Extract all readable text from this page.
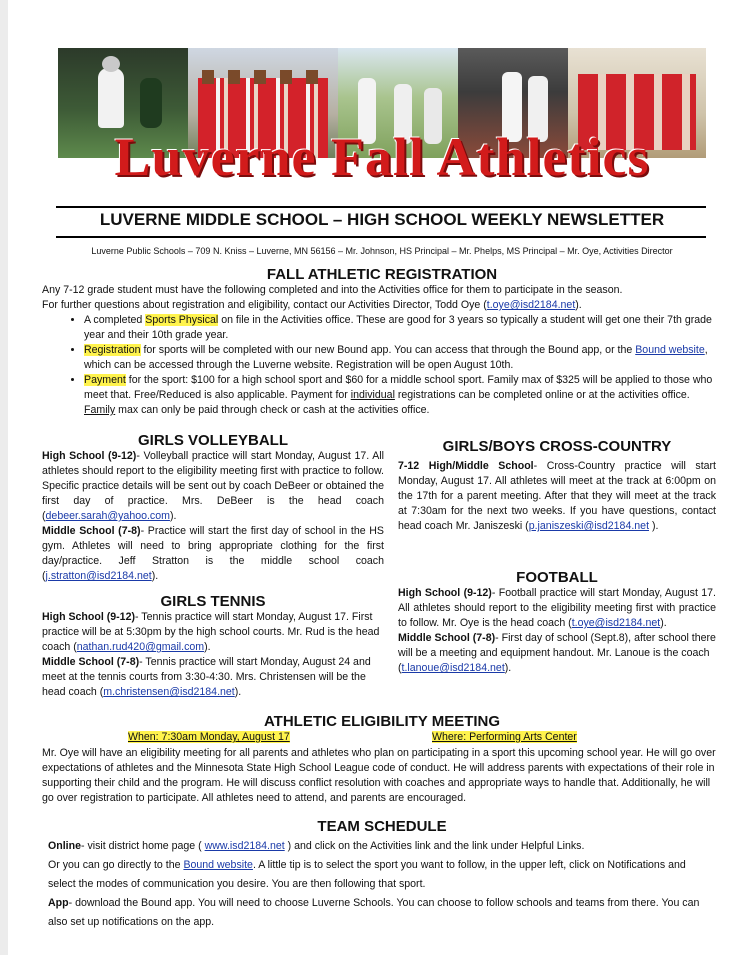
Luverne Fall Athletics
LUVERNE MIDDLE SCHOOL – HIGH SCHOOL WEEKLY NEWSLETTER
Luverne Public Schools – 709 N. Kniss – Luverne, MN 56156 – Mr. Johnson, HS Principal – Mr. Phelps, MS Principal – Mr. Oye, Activities Director
FALL ATHLETIC REGISTRATION
Any 7-12 grade student must have the following completed and into the Activities office for them to participate in the season.
For further questions about registration and eligibility, contact our Activities Director, Todd Oye (t.oye@isd2184.net).
• A completed Sports Physical on file in the Activities office. These are good for 3 years so typically a student will get one their 7th grade year and their 10th grade year.
• Registration for sports will be completed with our new Bound app. You can access that through the Bound app, or the Bound website, which can be accessed through the Luverne website. Registration will be open August 10th.
• Payment for the sport: $100 for a high school sport and $60 for a middle school sport. Family max of $325 will be applied to those who meet that. Free/Reduced is also applicable. Payment for individual registrations can be completed online or at the activities office. Family max can only be paid through check or cash at the activities office.
GIRLS VOLLEYBALL
High School (9-12)- Volleyball practice will start Monday, August 17. All athletes should report to the eligibility meeting first with practice to follow. Specific practice details will be sent out by coach DeBeer or obtained the first day of practice. Mrs. DeBeer is the head coach (debeer.sarah@yahoo.com).
Middle School (7-8)- Practice will start the first day of school in the HS gym. Athletes will need to bring appropriate clothing for the first day/practice. Jeff Stratton is the middle school coach (j.stratton@isd2184.net).
GIRLS TENNIS
High School (9-12)- Tennis practice will start Monday, August 17. First practice will be at 5:30pm by the high school courts. Mr. Rud is the head coach (nathan.rud420@gmail.com).
Middle School (7-8)- Tennis practice will start Monday, August 24 and meet at the tennis courts from 3:30-4:30. Mrs. Christensen will be the head coach (m.christensen@isd2184.net).
GIRLS/BOYS CROSS-COUNTRY
7-12 High/Middle School- Cross-Country practice will start Monday, August 17. All athletes will meet at the track at 6:00pm on the 17th for a parent meeting. After that they will meet at the track at 7:30am for the next two weeks. If you have questions, contact head coach Mr. Janiszeski (p.janiszeski@isd2184.net ).
FOOTBALL
High School (9-12)- Football practice will start Monday, August 17. All athletes should report to the eligibility meeting first with practice to follow. Mr. Oye is the head coach (t.oye@isd2184.net).
Middle School (7-8)- First day of school (Sept.8), after school there will be a meeting and equipment handout. Mr. Lanoue is the coach (t.lanoue@isd2184.net).
ATHLETIC ELIGIBILITY MEETING
When: 7:30am Monday, August 17	Where: Performing Arts Center
Mr. Oye will have an eligibility meeting for all parents and athletes who plan on participating in a sport this upcoming school year. He will go over expectations of athletes and the Minnesota State High School League code of conduct. He will address parents with expectations of their role in supporting their child and the program. He will discuss conflict resolution with coaches and appropriate ways to handle that. Additionally, he will go over registration to participate. All athletes need to attend, and parents are encouraged.
TEAM SCHEDULE
Online- visit district home page ( www.isd2184.net ) and click on the Activities link and the link under Helpful Links.
Or you can go directly to the Bound website. A little tip is to select the sport you want to follow, in the upper left, click on Notifications and select the modes of communication you desire. You are then following that sport.
App- download the Bound app. You will need to choose Luverne Schools. You can choose to follow schools and teams from there. You can also set up notifications on the app.
